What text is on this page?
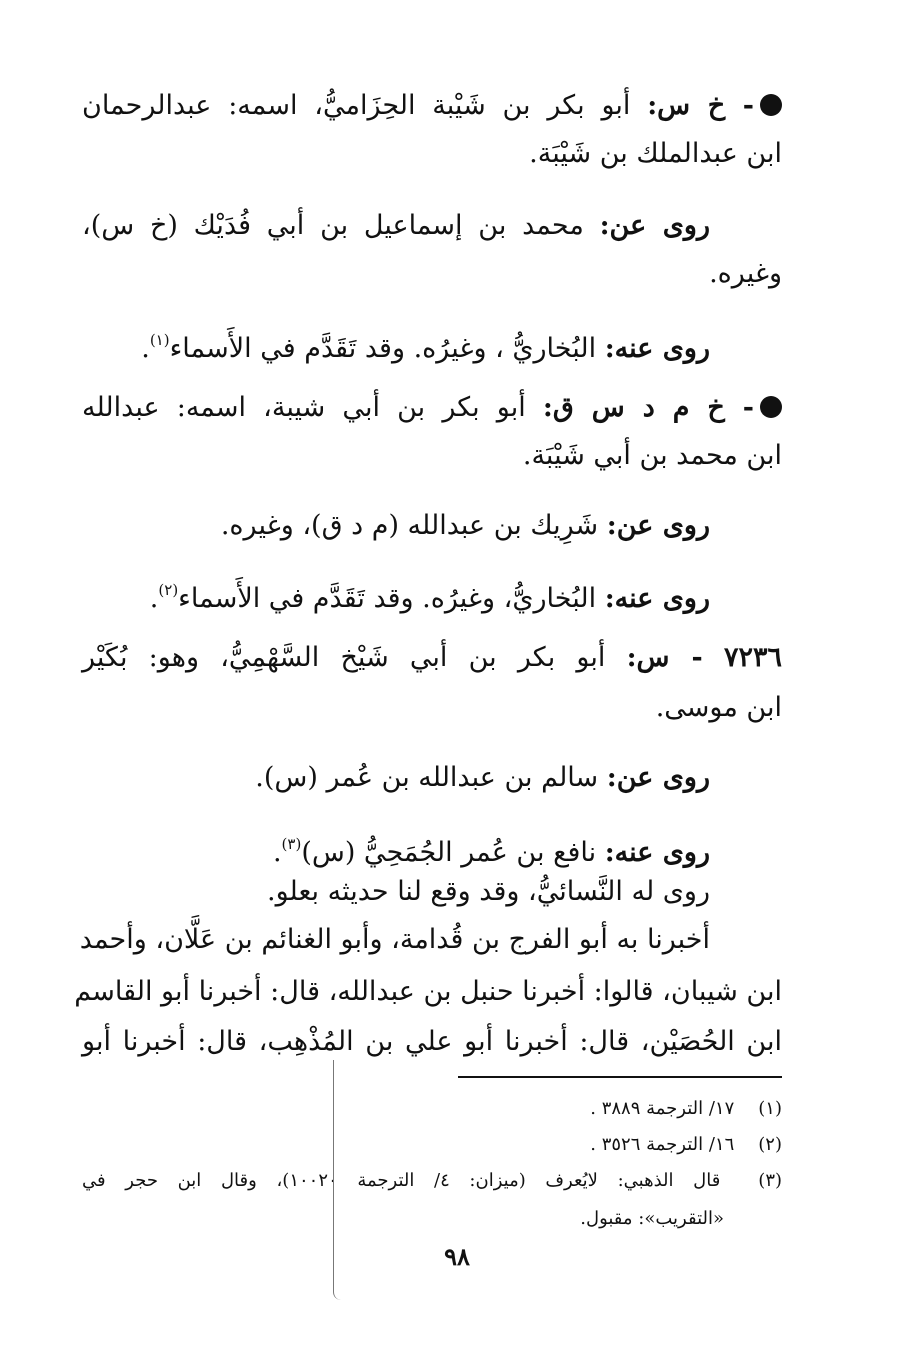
- خ س: أبو بكر بن شَيْبة الحِزَاميُّ، اسمه: عبدالرحمان

ابن عبدالملك بن شَيْبَة.

روى عن: محمد بن إسماعيل بن أبي فُدَيْك (خ س)،

وغيره.

روى عنه: البُخاريُّ ، وغيرُه. وقد تَقَدَّم في الأَسماء$^{(١)}$.

- خ م د س ق: أبو بكر بن أبي شيبة، اسمه: عبدالله

ابن محمد بن أبي شَيْبَة.

روى عن: شَرِيك بن عبدالله (م د ق)، وغيره.

روى عنه: البُخاريُّ، وغيرُه. وقد تَقَدَّم في الأَسماء$^{(٢)}$.

٧٢٣٦ - س: أبو بكر بن أبي شَيْخ السَّهْمِيُّ، وهو: بُكَيْر

ابن موسى.

روى عن: سالم بن عبدالله بن عُمر (س).

روى عنه: نافع بن عُمر الجُمَحِيُّ (س)$^{(٣)}$.

روى له النَّسائيُّ، وقد وقع لنا حديثه بعلو.

أخبرنا به أبو الفرج بن قُدامة، وأبو الغنائم بن عَلَّان، وأحمد

ابن شيبان، قالوا: أخبرنا حنبل بن عبدالله، قال: أخبرنا أبو القاسم

ابن الحُصَيْن، قال: أخبرنا أبو علي بن المُذْهِب، قال: أخبرنا أبو

(١) ١٧/ الترجمة ٣٨٨٩ .

(٢) ١٦/ الترجمة ٣٥٢٦ .

(٣) قال الذهبي: لايُعرف (ميزان: ٤/ الترجمة ١٠٠٢٠)، وقال ابن حجر في

«التقريب»: مقبول.

٩٨
